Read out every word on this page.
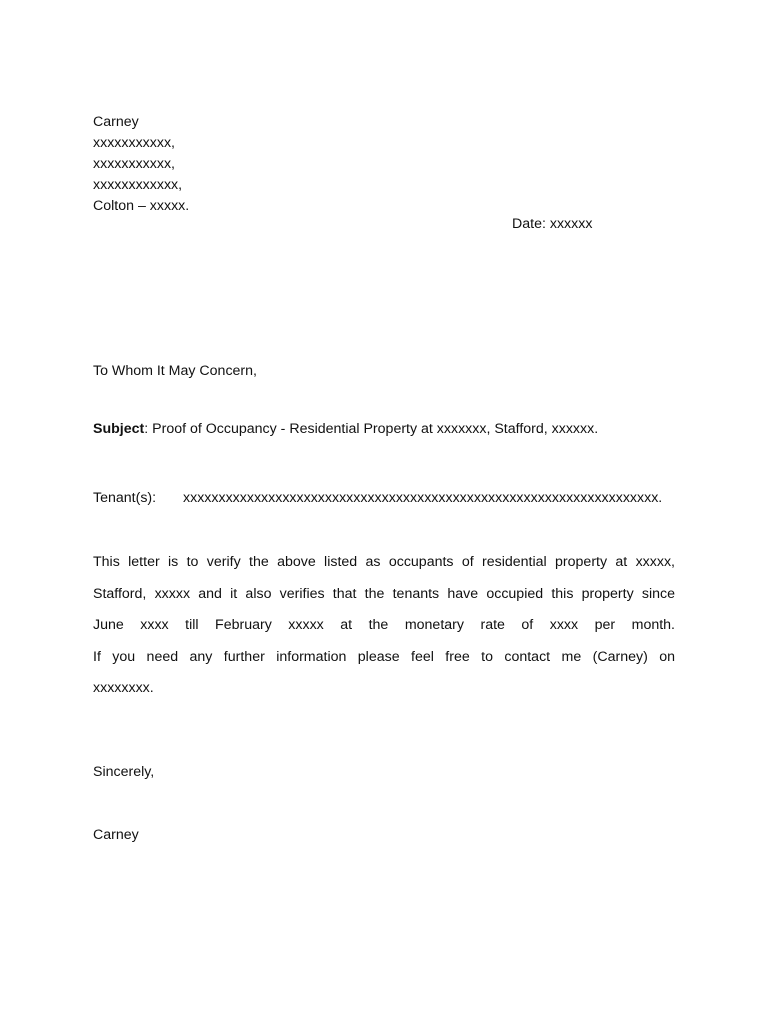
Carney
xxxxxxxxxxx,
xxxxxxxxxxx,
xxxxxxxxxxxx,
Colton – xxxxx.
Date: xxxxxx
To Whom It May Concern,
Subject: Proof of Occupancy - Residential Property at xxxxxxx, Stafford, xxxxxx.
Tenant(s): xxxxxxxxxxxxxxxxxxxxxxxxxxxxxxxxxxxxxxxxxxxxxxxxxxxxxxxxxxxxxxxxxxx.
This letter is to verify the above listed as occupants of residential property at xxxxx,
Stafford, xxxxx and it also verifies that the tenants have occupied this property since
June xxxx till February xxxxx at the monetary rate of xxxx per month.
If you need any further information please feel free to contact me (Carney) on
xxxxxxxx.
Sincerely,
Carney
